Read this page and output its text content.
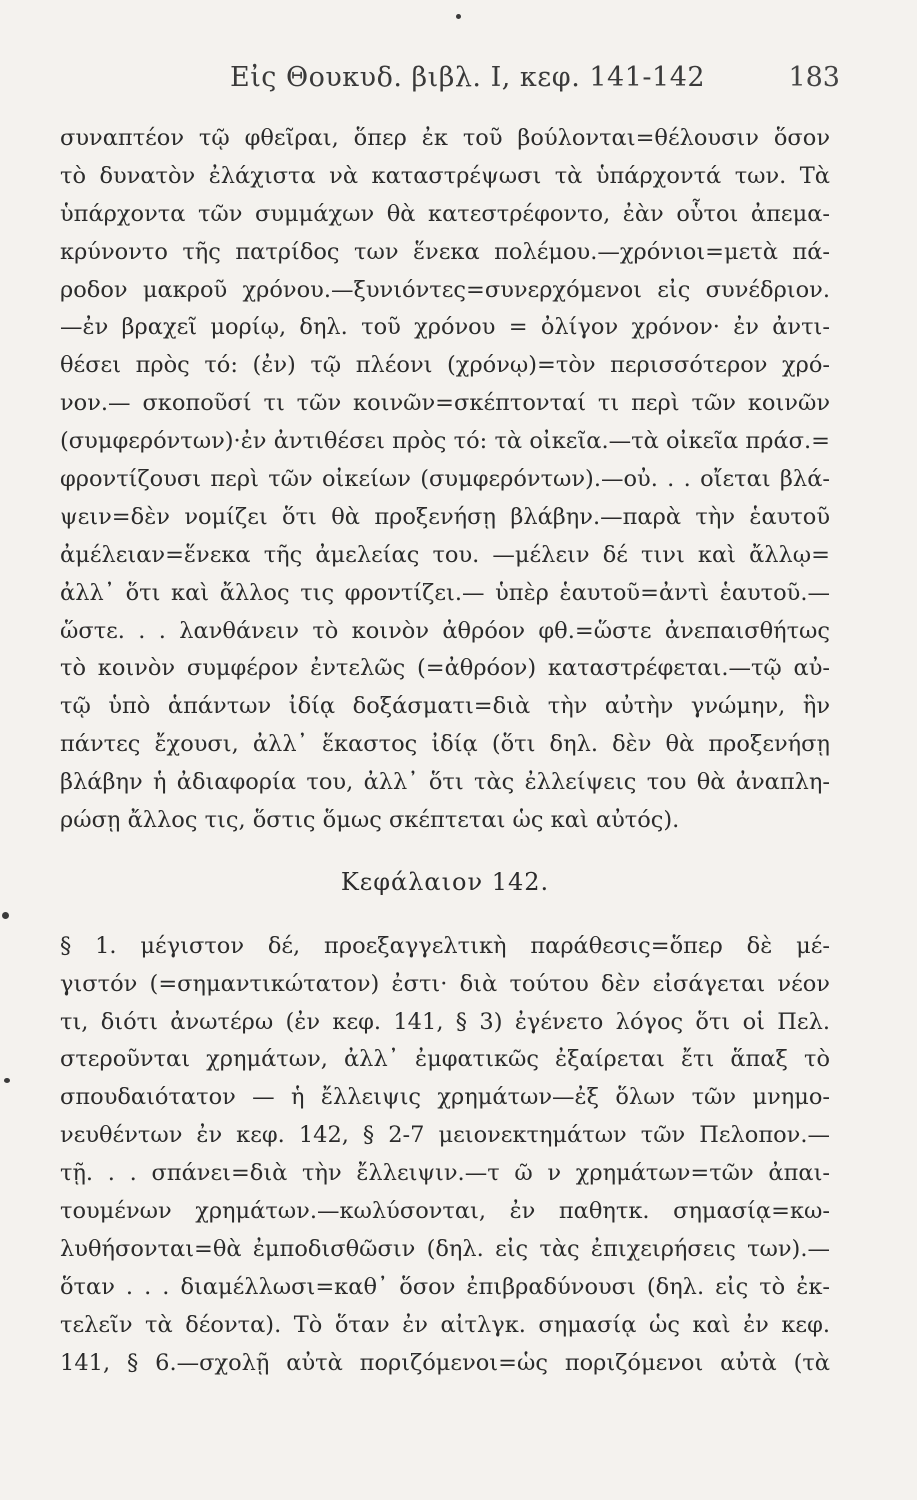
Εἰς Θουκυδ. βιβλ. Ι, κεφ. 141-142	183
συναπτέον τῷ φθεῖραι, ὅπερ ἐκ τοῦ βούλονται=θέλουσιν ὅσον
τὸ δυνατὸν ἐλάχιστα νὰ καταστρέψωσι τὰ ὑπάρχοντά των. Τὰ
ὑπάρχοντα τῶν συμμάχων θὰ κατεστρέφοντο, ἐὰν οὗτοι ἀπεμα-
κρύνοντο τῆς πατρίδος των ἕνεκα πολέμου.—χρόνιοι=μετὰ πά-
ροδον μακροῦ χρόνου.—ξυνιόντες=συνερχόμενοι εἰς συνέδριον.
—ἐν βραχεῖ μορίῳ, δηλ. τοῦ χρόνου = ὀλίγον χρόνον· ἐν ἀντι-
θέσει πρὸς τό: (ἐν) τῷ πλέονι (χρόνῳ)=τὸν περισσότερον χρό-
νον.— σκοποῦσί τι τῶν κοινῶν=σκέπτονταί τι περὶ τῶν κοινῶν
(συμφερόντων)·ἐν ἀντιθέσει πρὸς τό: τὰ οἰκεῖα.—τὰ οἰκεῖα πράσ.=
φροντίζουσι περὶ τῶν οἰκείων (συμφερόντων).—οὐ. . . οἴεται βλά-
ψειν=δὲν νομίζει ὅτι θὰ προξενήσῃ βλάβην.—παρὰ τὴν ἑαυτοῦ
ἀμέλειαν=ἕνεκα τῆς ἀμελείας του. —μέλειν δέ τινι καὶ ἄλλῳ=
ἀλλ᾽ ὅτι καὶ ἄλλος τις φροντίζει.— ὑπὲρ ἑαυτοῦ=ἀντὶ ἑαυτοῦ.—
ὥστε. . . λανθάνειν τὸ κοινὸν ἀθρόον φθ.=ὥστε ἀνεπαισθήτως
τὸ κοινὸν συμφέρον ἐντελῶς (=ἀθρόον) καταστρέφεται.—τῷ αὐ-
τῷ ὑπὸ ἁπάντων ἰδίᾳ δοξάσματι=διὰ τὴν αὐτὴν γνώμην, ἣν
πάντες ἔχουσι, ἀλλ᾽ ἕκαστος ἰδίᾳ (ὅτι δηλ. δὲν θὰ προξενήσῃ
βλάβην ἡ ἀδιαφορία του, ἀλλ᾽ ὅτι τὰς ἐλλείψεις του θὰ ἀναπλη-
ρώσῃ ἄλλος τις, ὅστις ὅμως σκέπτεται ὡς καὶ αὐτός).
Κεφάλαιον 142.
§ 1. μέγιστον δέ, προεξαγγελτικὴ παράθεσις=ὅπερ δὲ μέ-
γιστόν (=σημαντικώτατον) ἐστι· διὰ τούτου δὲν εἰσάγεται νέον
τι, διότι ἀνωτέρω (ἐν κεφ. 141, § 3) ἐγένετο λόγος ὅτι οἱ Πελ.
στεροῦνται χρημάτων, ἀλλ᾽ ἐμφατικῶς ἐξαίρεται ἔτι ἅπαξ τὸ
σπουδαιότατον — ἡ ἔλλειψις χρημάτων—ἐξ ὅλων τῶν μνημο-
νευθέντων ἐν κεφ. 142, § 2-7 μειονεκτημάτων τῶν Πελοπον.—
τῇ. . . σπάνει=διὰ τὴν ἔλλειψιν.—τ ῶ ν χρημάτων=τῶν ἀπαι-
τουμένων χρημάτων.—κωλύσονται, ἐν παθητκ. σημασίᾳ=κω-
λυθήσονται=θὰ ἐμποδισθῶσιν (δηλ. εἰς τὰς ἐπιχειρήσεις των).—
ὅταν . . . διαμέλλωσι=καθ᾽ ὅσον ἐπιβραδύνουσι (δηλ. εἰς τὸ ἐκ-
τελεῖν τὰ δέοντα). Τὸ ὅταν ἐν αἰτλγκ. σημασίᾳ ὡς καὶ ἐν κεφ.
141, § 6.—σχολῇ αὐτὰ ποριζόμενοι=ὡς ποριζόμενοι αὐτὰ (τὰ
